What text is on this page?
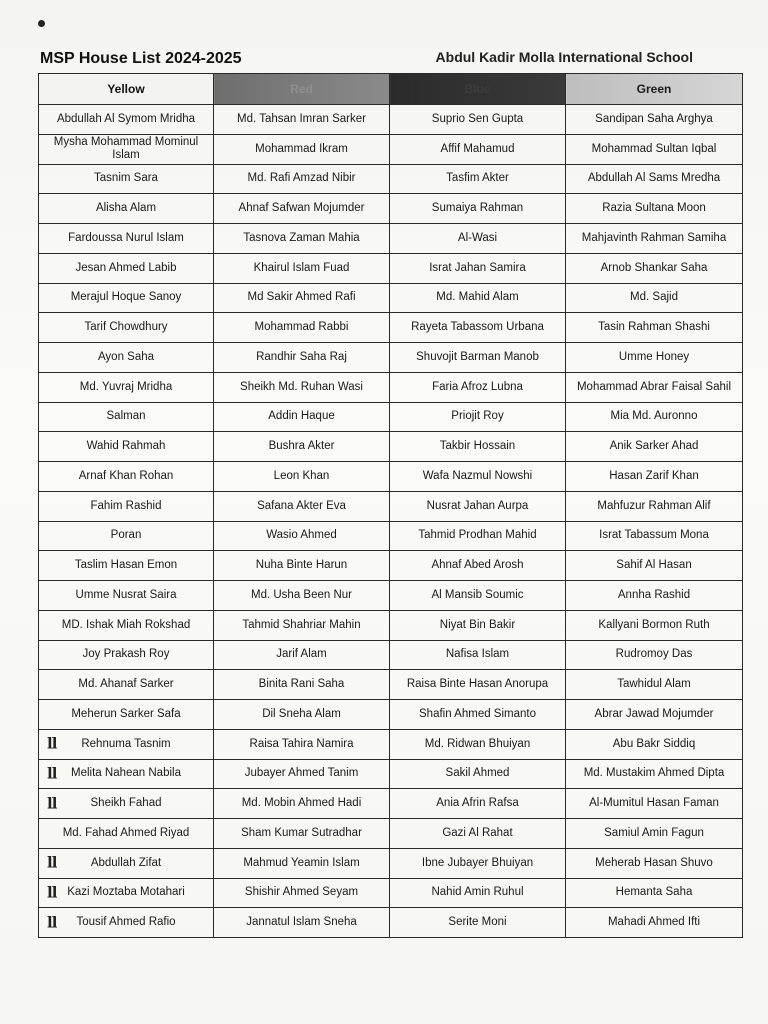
MSP House List 2024-2025	Abdul Kadir Molla International School
Yellow	Red	Blue	Green
Abdullah Al Symom Mridha	Md. Tahsan Imran Sarker	Suprio Sen Gupta	Sandipan Saha Arghya
Mysha Mohammad Mominul Islam	Mohammad Ikram	Affif Mahamud	Mohammad Sultan Iqbal
Tasnim Sara	Md. Rafi Amzad Nibir	Tasfim Akter	Abdullah Al Sams Mredha
Alisha Alam	Ahnaf Safwan Mojumder	Sumaiya Rahman	Razia Sultana Moon
Fardoussa Nurul Islam	Tasnova Zaman Mahia	Al-Wasi	Mahjavinth Rahman Samiha
Jesan Ahmed Labib	Khairul Islam Fuad	Israt Jahan Samira	Arnob Shankar Saha
Merajul Hoque Sanoy	Md Sakir Ahmed Rafi	Md. Mahid Alam	Md. Sajid
Tarif Chowdhury	Mohammad Rabbi	Rayeta Tabassom Urbana	Tasin Rahman Shashi
Ayon Saha	Randhir Saha Raj	Shuvojit Barman Manob	Umme Honey
Md. Yuvraj Mridha	Sheikh Md. Ruhan Wasi	Faria Afroz Lubna	Mohammad Abrar Faisal Sahil
Salman	Addin Haque	Priojit Roy	Mia Md. Auronno
Wahid Rahmah	Bushra Akter	Takbir Hossain	Anik Sarker Ahad
Arnaf Khan Rohan	Leon Khan	Wafa Nazmul Nowshi	Hasan Zarif Khan
Fahim Rashid	Safana Akter Eva	Nusrat Jahan Aurpa	Mahfuzur Rahman Alif
Poran	Wasio Ahmed	Tahmid Prodhan Mahid	Israt Tabassum Mona
Taslim Hasan Emon	Nuha Binte Harun	Ahnaf Abed Arosh	Sahif Al Hasan
Umme Nusrat Saira	Md. Usha Been Nur	Al Mansib Soumic	Annha Rashid
MD. Ishak Miah Rokshad	Tahmid Shahriar Mahin	Niyat Bin Bakir	Kallyani Bormon Ruth
Joy Prakash Roy	Jarif Alam	Nafisa Islam	Rudromoy Das
Md. Ahanaf Sarker	Binita Rani Saha	Raisa Binte Hasan Anorupa	Tawhidul Alam
Meherun Sarker Safa	Dil Sneha Alam	Shafin Ahmed Simanto	Abrar Jawad Mojumder

ll Rehnuma Tasnim	Raisa Tahira Namira	Md. Ridwan Bhuiyan	Abu Bakr Siddiq

ll Melita Nahean Nabila	Jubayer Ahmed Tanim	Sakil Ahmed	Md. Mustakim Ahmed Dipta

ll Sheikh Fahad	Md. Mobin Ahmed Hadi	Ania Afrin Rafsa	Al-Mumitul Hasan Faman
Md. Fahad Ahmed Riyad	Sham Kumar Sutradhar	Gazi Al Rahat	Samiul Amin Fagun

ll Abdullah Zifat	Mahmud Yeamin Islam	Ibne Jubayer Bhuiyan	Meherab Hasan Shuvo

ll Kazi Moztaba Motahari	Shishir Ahmed Seyam	Nahid Amin Ruhul	Hemanta Saha

ll Tousif Ahmed Rafio	Jannatul Islam Sneha	Serite Moni	Mahadi Ahmed Ifti
